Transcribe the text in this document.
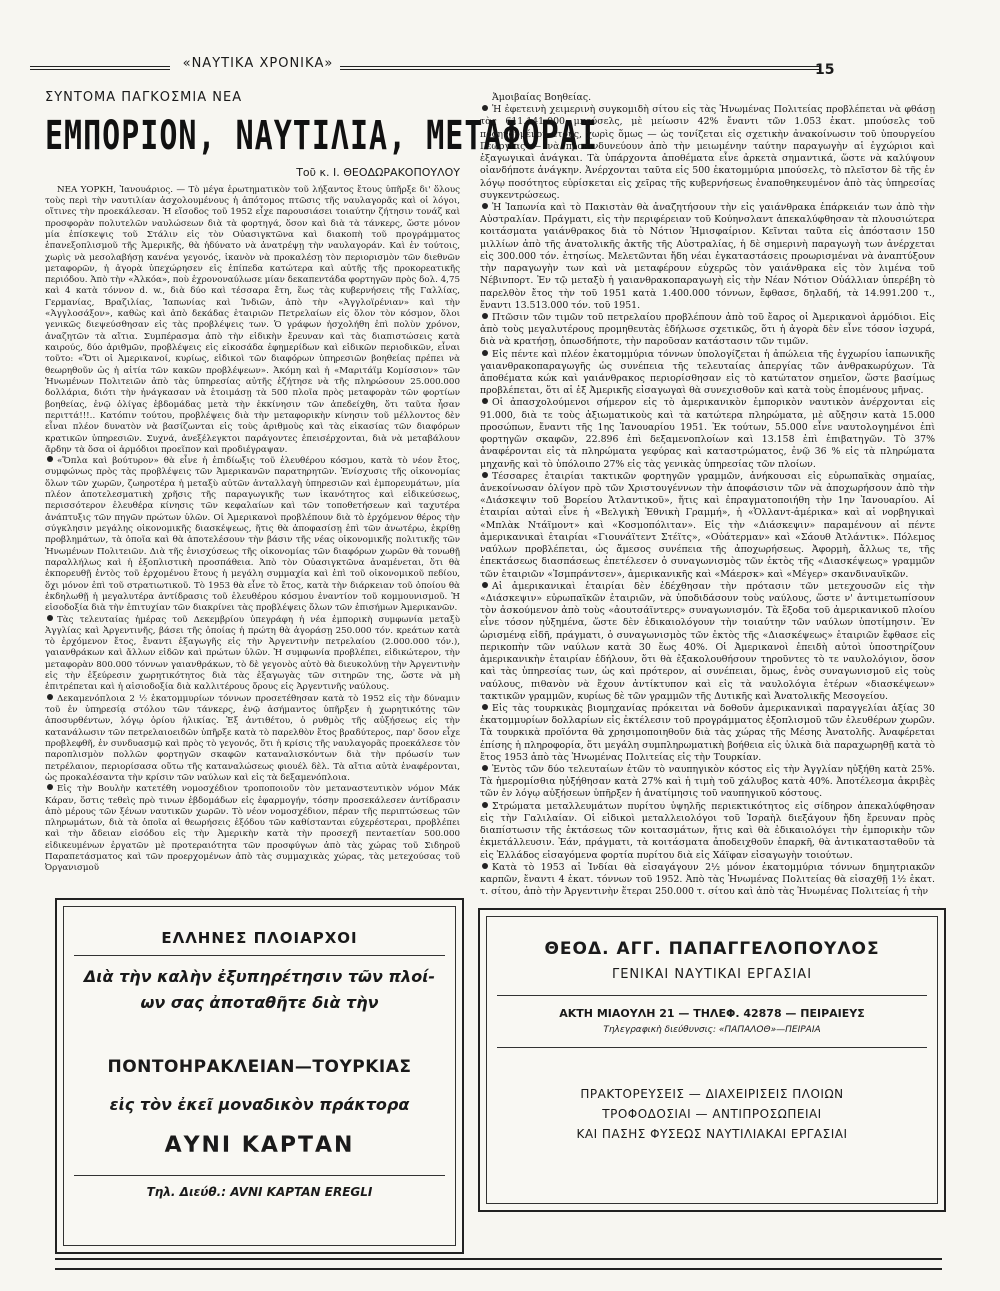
«ΝΑΥΤΙΚΑ ΧΡΟΝΙΚΑ»	15
ΣΥΝΤΟΜΑ ΠΑΓΚΟΣΜΙΑ ΝΕΑ
ΕΜΠΟΡΙΟΝ, ΝΑΥΤΙΛΙΑ, ΜΕΤΑΦΟΡΑΙ
Τοῦ κ. Ι. ΘΕΟΔΩΡΑΚΟΠΟΥΛΟΥ

ΝΕΑ ΥΟΡΚΗ, Ἰανουάριος. — Τὸ μέγα ἐρωτηματικὸν τοῦ λήξαντος ἔτους ὑπῆρξε δι' ὅλους τοὺς περὶ τὴν ναυτιλίαν ἀσχολουμένους ἡ ἀπότομος πτῶσις τῆς ναυλαγορᾶς καὶ οἱ λόγοι, οἵτινες τὴν προεκάλεσαν. Ἡ εἴσοδος τοῦ 1952 εἶχε παρουσιάσει τοιαύτην ζήτησιν τονάζ καὶ προσφορὰν πολυτελῶν ναυλώσεων διὰ τὰ φορτηγά, ὅσον καὶ διὰ τὰ τάνκερς, ὥστε μόνον μία ἐπίσκεψις τοῦ Στάλιν εἰς τὸν Οὐασιγκτῶνα καὶ διακοπὴ τοῦ προγράμματος ἐπανεξοπλισμοῦ τῆς Ἀμερικῆς, θὰ ἠδύνατο νὰ ἀνατρέψῃ τὴν ναυλαγοράν. Καὶ ἐν τούτοις, χωρὶς νὰ μεσολαβήσῃ κανένα γεγονός, ἱκανὸν νὰ προκαλέσῃ τὸν περιορισμὸν τῶν διεθνῶν μεταφορῶν, ἡ ἀγορὰ ὑπεχώρησεν εἰς ἐπίπεδα κατώτερα καὶ αὐτῆς τῆς προκορεατικῆς περιόδου. Ἀπὸ τὴν «Ἀλκόα», ποὺ ἐχρονοναύλωσε μίαν δεκαπεντάδα φορτηγῶν πρὸς δολ. 4,75 καὶ 4 κατὰ τόννον d. w., διὰ δύο καὶ τέσσαρα ἔτη, ἕως τὰς κυβερνήσεις τῆς Γαλλίας, Γερμανίας, Βραζιλίας, Ἰαπωνίας καὶ Ἰνδιῶν, ἀπὸ τὴν «Ἀγγλοϊρένιαν» καὶ τὴν «Ἀγγλοσάξον», καθὼς καὶ ἀπὸ δεκάδας ἑταιριῶν Πετρελαίων εἰς ὅλον τὸν κόσμον, ὅλοι γενικῶς διεψεύσθησαν εἰς τὰς προβλέψεις των. Ὁ γράφων ἠσχολήθη ἐπὶ πολὺν χρόνον, ἀναζητῶν τὰ αἴτια. Συμπέρασμα ἀπὸ τὴν εἰδικὴν ἔρευναν καὶ τὰς διαπιστώσεις κατὰ καιρούς, δύο ἀριθμῶν, προβλέψεις εἰς εἰκοσάδα ἐφημερίδων καὶ εἰδικῶν περιοδικῶν, εἶναι τοῦτο: «Ὅτι οἱ Ἀμερικανοί, κυρίως, εἰδικοὶ τῶν διαφόρων ὑπηρεσιῶν βοηθείας πρέπει νὰ θεωρηθοῦν ὡς ἡ αἰτία τῶν κακῶν προβλέψεων». Ἀκόμη καὶ ἡ «Μαριτάϊμ Κομίσσιον» τῶν Ἡνωμένων Πολιτειῶν ἀπὸ τὰς ὑπηρεσίας αὐτῆς ἐζήτησε νὰ τῆς πληρώσουν 25.000.000 δολλάρια, διότι τὴν ἠνάγκασαν νὰ ἑτοιμάσῃ τὰ 500 πλοῖα πρὸς μεταφορὰν τῶν φορτίων βοηθείας, ἐνῷ ὀλίγας ἑβδομάδας μετὰ τὴν ἐκκίνησιν τῶν ἀπεδείχθη, ὅτι ταῦτα ἦσαν περιττά!!!.. Κατόπιν τούτου, προβλέψεις διὰ τὴν μεταφορικὴν κίνησιν τοῦ μέλλοντος δὲν εἶναι πλέον δυνατὸν νὰ βασίζωνται εἰς τοὺς ἀριθμοὺς καὶ τὰς εἰκασίας τῶν διαφόρων κρατικῶν ὑπηρεσιῶν. Συχνά, ἀνεξέλεγκτοι παράγοντες ἐπεισέρχονται, διὰ νὰ μεταβάλουν ἄρδην τὰ ὅσα οἱ ἁρμόδιοι προεῖπον καὶ προδιέγραψαν.

«Ὅπλα καὶ βούτυρον» θὰ εἶνε ἡ ἐπιδίωξις τοῦ ἐλευθέρου κόσμου, κατὰ τὸ νέον ἔτος, συμφώνως πρὸς τὰς προβλέψεις τῶν Ἀμερικανῶν παρατηρητῶν. Ἐνίσχυσις τῆς οἰκονομίας ὅλων τῶν χωρῶν, ζωηροτέρα ἡ μεταξὺ αὐτῶν ἀνταλλαγὴ ὑπηρεσιῶν καὶ ἐμπορευμάτων, μία πλέον ἀποτελεσματικὴ χρῆσις τῆς παραγωγικῆς των ἱκανότητος καὶ εἰδικεύσεως, περισσότερον ἐλευθέρα κίνησις τῶν κεφαλαίων καὶ τῶν τοποθετήσεων καὶ ταχυτέρα ἀνάπτυξις τῶν πηγῶν πρώτων ὑλῶν. Οἱ Ἀμερικανοὶ προβλέπουν διὰ τὸ ἐρχόμενον θέρος τὴν σύγκλησιν μεγάλης οἰκονομικῆς διασκέψεως, ἥτις θὰ ἀποφασίσῃ ἐπὶ τῶν ἀνωτέρω, ἐκρίθῃ προβλημάτων, τὰ ὁποῖα καὶ θὰ ἀποτελέσουν τὴν βάσιν τῆς νέας οἰκονομικῆς πολιτικῆς τῶν Ἡνωμένων Πολιτειῶν. Διὰ τῆς ἐνισχύσεως τῆς οἰκονομίας τῶν διαφόρων χωρῶν θὰ τονωθῇ παραλλήλως καὶ ἡ ἐξοπλιστικὴ προσπάθεια. Ἀπὸ τὸν Οὐασιγκτῶνα ἀναμένεται, ὅτι θὰ ἐκπορευθῇ ἐντὸς τοῦ ἐρχομένου ἔτους ἡ μεγάλη συμμαχία καὶ ἐπὶ τοῦ οἰκονομικοῦ πεδίου, ὅχι μόνον ἐπὶ τοῦ στρατιωτικοῦ. Τὸ 1953 θὰ εἶνε τὸ ἔτος, κατὰ τὴν διάρκειαν τοῦ ὁποίου θὰ ἐκδηλωθῇ ἡ μεγαλυτέρα ἀντίδρασις τοῦ ἐλευθέρου κόσμου ἐναντίον τοῦ κομμουνισμοῦ. Ἡ εἰσοδοξία διὰ τὴν ἐπιτυχίαν τῶν διακρίνει τὰς προβλέψεις ὅλων τῶν ἐπισήμων Ἀμερικανῶν.

Τὰς τελευταίας ἡμέρας τοῦ Δεκεμβρίου ὑπεγράφη ἡ νέα ἐμπορικὴ συμφωνία μεταξὺ Ἀγγλίας καὶ Ἀργεντινῆς, βάσει τῆς ὁποίας ἡ πρώτη θὰ ἀγοράσῃ 250.000 τόν. κρεάτων κατὰ τὸ ἐρχόμενον ἔτος, ἔναντι ἐξαγωγῆς εἰς τὴν Ἀργεντινὴν πετρελαίου (2.000.000 τόν.), γαιανθράκων καὶ ἄλλων εἰδῶν καὶ πρώτων ὑλῶν. Ἡ συμφωνία προβλέπει, εἰδικώτερον, τὴν μεταφορὰν 800.000 τόννων γαιανθράκων, τὸ δὲ γεγονὸς αὐτὸ θὰ διευκολύνῃ τὴν Ἀργεντινὴν εἰς τὴν ἐξεύρεσιν χωρητικότητος διὰ τὰς ἐξαγωγὰς τῶν σιτηρῶν της, ὥστε νὰ μὴ ἐπιτρέπεται καὶ ἡ αἰσιοδοξία διὰ καλλιτέρους ὅρους εἰς Ἀργεντινῆς ναύλους.

Δεκαμενόπλοια 2 ½ ἑκατομμυρίων τόννων προσετέθησαν κατὰ τὸ 1952 εἰς τὴν δύναμιν τοῦ ἐν ὑπηρεσίᾳ στόλου τῶν τάνκερς, ἐνῷ ἀσήμαντος ὑπῆρξεν ἡ χωρητικότης τῶν ἀποσυρθέντων, λόγῳ ὁρίου ἡλικίας. Ἐξ ἀντιθέτου, ὁ ρυθμὸς τῆς αὐξήσεως εἰς τὴν κατανάλωσιν τῶν πετρελαιοειδῶν ὑπῆρξε κατὰ τὸ παρελθὸν ἔτος βραδύτερος, παρ' ὅσον εἶχε προβλεφθῆ, ἐν συνδυασμῷ καὶ πρὸς τὸ γεγονός, ὅτι ἡ κρίσις τῆς ναυλαγορᾶς προεκάλεσε τὸν παροπλισμὸν πολλῶν φορτηγῶν σκαφῶν καταναλισκόντων διὰ τὴν πρόωσίν των πετρέλαιον, περιορίσασα οὕτω τῆς καταναλώσεως φιουέλ δὲλ. Τὰ αἴτια αὐτὰ ἐναφέρονται, ὡς προκαλέσαντα τὴν κρίσιν τῶν ναύλων καὶ εἰς τὰ δεξαμενόπλοια.

Εἰς τὴν Βουλὴν κατετέθη νομοσχέδιον τροποποιοῦν τὸν μεταναστευτικὸν νόμον Μάκ Κάραν, ὅστις τεθεὶς πρὸ τινων ἑβδομάδων εἰς ἐφαρμογήν, τόσην προσεκάλεσεν ἀντίδρασιν ἀπὸ μέρους τῶν ξένων ναυτικῶν χωρῶν. Τὸ νέον νομοσχέδιον, πέραν τῆς περιπτώσεως τῶν πληρωμάτων, διὰ τὰ ὁποῖα αἱ θεωρήσεις ἐξόδου τῶν καθίστανται εὐχερέστεραι, προβλέπει καὶ τὴν ἄδειαν εἰσόδου εἰς τὴν Ἀμερικὴν κατὰ τὴν προσεχῆ πενταετίαν 500.000 εἰδικευμένων ἐργατῶν μὲ προτεραιότητα τῶν προσφύγων ἀπὸ τὰς χώρας τοῦ Σιδηροῦ Παραπετάσματος καὶ τῶν προερχομένων ἀπὸ τὰς συμμαχικὰς χώρας, τὰς μετεχούσας τοῦ Ὀργανισμοῦ

Ἀμοιβαίας Βοηθείας.

Ἡ ἐφετεινὴ χειμερινὴ συγκομιδὴ σίτου εἰς τὰς Ἡνωμένας Πολιτείας προβλέπεται νὰ φθάσῃ τὰς 611.141.000 μπούσελς, μὲ μείωσιν 42% ἔναντι τῶν 1.053 ἑκατ. μπούσελς τοῦ προηγουμένου ἔτους, χωρὶς ὅμως — ὡς τονίζεται εἰς σχετικὴν ἀνακοίνωσιν τοῦ ὑπουργείου Γεωργίας — νὰ προκινδυνεύουν ἀπὸ τὴν μειωμένην ταύτην παραγωγὴν αἱ ἐγχώριοι καὶ ἐξαγωγικαὶ ἀνάγκαι. Τὰ ὑπάρχοντα ἀποθέματα εἶνε ἀρκετὰ σημαντικά, ὥστε νὰ καλύψουν οἱανδήποτε ἀνάγκην. Ἀνέρχονται ταῦτα εἰς 500 ἑκατομμύρια μπούσελς, τὸ πλεῖστον δὲ τῆς ἐν λόγῳ ποσότητος εὑρίσκεται εἰς χεῖρας τῆς κυβερνήσεως ἐναποθηκευμένον ἀπὸ τὰς ὑπηρεσίας συγκεντρώσεως.

Ἡ Ἰαπωνία καὶ τὸ Πακιστὰν θὰ ἀναζητήσουν τὴν εἰς γαιάνθρακα ἐπάρκειάν των ἀπὸ τὴν Αὐστραλίαν. Πράγματι, εἰς τὴν περιφέρειαν τοῦ Κούηνσλαντ ἀπεκαλύφθησαν τὰ πλουσιώτερα κοιτάσματα γαιάνθρακος διὰ τὸ Νότιον Ἡμισφαίριον. Κεῖνται ταῦτα εἰς ἀπόστασιν 150 μιλλίων ἀπὸ τῆς ἀνατολικῆς ἀκτῆς τῆς Αὐστραλίας, ἡ δὲ σημερινὴ παραγωγὴ των ἀνέρχεται εἰς 300.000 τόν. ἐτησίως. Μελετῶνται ἤδη νέαι ἐγκαταστάσεις προωρισμέναι νὰ ἀναπτύξουν τὴν παραγωγὴν των καὶ νὰ μεταφέρουν εὐχερῶς τὸν γαιάνθρακα εἰς τὸν λιμένα τοῦ Νέβινπορτ. Ἐν τῷ μεταξὺ ἡ γαιανθρακοπαραγωγὴ εἰς τὴν Νέαν Νότιον Οὐάλλιαν ὑπερέβη τὸ παρελθὸν ἔτος τὴν τοῦ 1951 κατὰ 1.400.000 τόννων, ἔφθασε, δηλαδή, τὰ 14.991.200 τ., ἔναντι 13.513.000 τόν. τοῦ 1951.

Πτῶσιν τῶν τιμῶν τοῦ πετρελαίου προβλέπουν ἀπὸ τοῦ ἔαρος οἱ Ἀμερικανοὶ ἁρμόδιοι. Εἰς ἀπὸ τοὺς μεγαλυτέρους προμηθευτὰς ἐδήλωσε σχετικῶς, ὅτι ἡ ἀγορὰ δὲν εἶνε τόσον ἰσχυρά, διὰ νὰ κρατήσῃ, ὁπωσδήποτε, τὴν παροῦσαν κατάστασιν τῶν τιμῶν.

Εἰς πέντε καὶ πλέον ἑκατομμύρια τόννων ὑπολογίζεται ἡ ἀπώλεια τῆς ἐγχωρίου ἰαπωνικῆς γαιανθρακοπαραγωγῆς ὡς συνέπεια τῆς τελευταίας ἀπεργίας τῶν ἀνθρακωρύχων. Τὰ ἀποθέματα κώκ καὶ γαιάνθρακος περιορίσθησαν εἰς τὸ κατώτατον σημεῖον, ὥστε βασίμως προβλέπεται, ὅτι αἱ ἐξ Ἀμερικῆς εἰσαγωγαὶ θὰ συνεχισθοῦν καὶ κατὰ τοὺς ἑπομένους μῆνας.

Οἱ ἀπασχολούμενοι σήμερον εἰς τὸ ἀμερικανικὸν ἐμπορικὸν ναυτικὸν ἀνέρχονται εἰς 91.000, διὰ τε τοὺς ἀξιωματικοὺς καὶ τὰ κατώτερα πληρώματα, μὲ αὔξησιν κατὰ 15.000 προσώπων, ἔναντι τῆς 1ης Ἰανουαρίου 1951. Ἐκ τούτων, 55.000 εἶνε ναυτολογημένοι ἐπὶ φορτηγῶν σκαφῶν, 22.896 ἐπὶ δεξαμενοπλοίων καὶ 13.158 ἐπὶ ἐπιβατηγῶν. Τὸ 37% ἀναφέρονται εἰς τὰ πληρώματα γεφύρας καὶ καταστρώματος, ἐνῷ 36 % εἰς τὰ πληρώματα μηχανῆς καὶ τὸ ὑπόλοιπο 27% εἰς τὰς γενικὰς ὑπηρεσίας τῶν πλοίων.

Τέσσαρες ἑταιρίαι τακτικῶν φορτηγῶν γραμμῶν, ἀνήκουσαι εἰς εὐρωπαϊκὰς σημαίας, ἀνεκοίνωσαν ὀλίγον πρὸ τῶν Χριστουγέννων τὴν ἀποφάσισιν τῶν νὰ ἀποχωρήσουν ἀπὸ τὴν «Διάσκεψιν τοῦ Βορείου Ἀτλαντικοῦ», ἥτις καὶ ἐπραγματοποιήθη τὴν 1ην Ἰανουαρίου. Αἱ ἑταιρίαι αὐταὶ εἶνε ἡ «Βελγικὴ Ἐθνικὴ Γραμμή», ἡ «Ὁλλαντ-ἀμέρικα» καὶ αἱ νορβηγικαὶ «Μπλὰκ Ντάϊμοντ» καὶ «Κοσμοπόλιταν». Εἰς τὴν «Διάσκεψιν» παραμένουν αἱ πέντε ἀμερικανικαὶ ἑταιρίαι «Γιουνάϊτεντ Στέϊτς», «Οὐάτερμαν» καὶ «Σάουθ Ἀτλάντικ». Πόλεμος ναύλων προβλέπεται, ὡς ἄμεσος συνέπεια τῆς ἀποχωρήσεως. Ἀφορμὴ, ἄλλως τε, τῆς ἐπεκτάσεως διασπάσεως ἐπετέλεσεν ὁ συναγωνισμὸς τῶν ἐκτὸς τῆς «Διασκέψεως» γραμμῶν τῶν ἑταιριῶν «Ἰσμπράντσεν», ἀμερικανικῆς καὶ «Μάερσκ» καὶ «Μέγερ» σκανδιναυϊκῶν.

Αἱ ἀμερικανικαὶ ἑταιρίαι δὲν ἐδέχθησαν τὴν πρότασιν τῶν μετεχουσῶν εἰς τὴν «Διάσκεψιν» εὐρωπαϊκῶν ἑταιριῶν, νὰ ὑποδιδάσουν τοὺς ναύλους, ὥστε ν' ἀντιμετωπίσουν τὸν ἀσκούμενον ἀπὸ τοὺς «ἀουτσάϊντερς» συναγωνισμόν. Τὰ ἔξοδα τοῦ ἀμερικανικοῦ πλοίου εἶνε τόσον ηὐξημένα, ὥστε δὲν ἐδικαιολόγουν τὴν τοιαύτην τῶν ναύλων ὑποτίμησιν. Ἐν ὡρισμένᾳ εἰδῆ, πράγματι, ὁ συναγωνισμὸς τῶν ἐκτὸς τῆς «Διασκέψεως» ἑταιριῶν ἔφθασε εἰς περικοπὴν τῶν ναύλων κατὰ 30 ἕως 40%. Οἱ Ἀμερικανοὶ ἐπειδὴ αὐτοὶ ὑποστηρίζουν ἀμερικανικὴν ἑταιρίαν ἐδήλουν, ὅτι θὰ ἐξακολουθήσουν τηροῦντες τὸ τε ναυλολόγιον, ὅσον καὶ τὰς ὑπηρεσίας των, ὡς καὶ πρότερον, αἱ συνέπειαι, ὅμως, ἑνὸς συναγωνισμοῦ εἰς τοὺς ναύλους, πιθανὸν νὰ ἔχουν ἀντίκτυπον καὶ εἰς τὰ ναυλολόγια ἑτέρων «διασκέψεων» τακτικῶν γραμμῶν, κυρίως δὲ τῶν γραμμῶν τῆς Δυτικῆς καὶ Ἀνατολικῆς Μεσογείου.

Εἰς τὰς τουρκικὰς βιομηχανίας πρόκειται νὰ δοθοῦν ἀμερικανικαὶ παραγγελίαι ἀξίας 30 ἑκατομμυρίων δολλαρίων εἰς ἐκτέλεσιν τοῦ προγράμματος ἐξοπλισμοῦ τῶν ἐλευθέρων χωρῶν. Τὰ τουρκικὰ προϊόντα θὰ χρησιμοποιηθοῦν διὰ τὰς χώρας τῆς Μέσης Ἀνατολῆς. Ἀναφέρεται ἐπίσης ἡ πληροφορία, ὅτι μεγάλη συμπληρωματικὴ βοήθεια εἰς ὑλικὰ διὰ παραχωρηθῇ κατὰ τὸ ἔτος 1953 ἀπὸ τὰς Ἡνωμένας Πολιτείας εἰς τὴν Τουρκίαν.

Ἐντὸς τῶν δύο τελευταίων ἐτῶν τὸ ναυπηγικὸν κόστος εἰς τὴν Ἀγγλίαν ηὐξήθη κατὰ 25%. Τὰ ἡμερομίσθια ηὐξήθησαν κατὰ 27% καὶ ἡ τιμὴ τοῦ χάλυβος κατὰ 40%. Ἀποτέλεσμα ἀκριβὲς τῶν ἐν λόγῳ αὐξήσεων ὑπῆρξεν ἡ ἀνατίμησις τοῦ ναυπηγικοῦ κόστους.

Στρώματα μεταλλευμάτων πυρίτου ὑψηλῆς περιεκτικότητος εἰς σίδηρον ἀπεκαλύφθησαν εἰς τὴν Γαλιλαίαν. Οἱ εἰδικοὶ μεταλλειολόγοι τοῦ Ἰσραὴλ διεξάγουν ἤδη ἔρευναν πρὸς διαπίστωσιν τῆς ἐκτάσεως τῶν κοιτασμάτων, ἥτις καὶ θὰ ἐδικαιολόγει τὴν ἐμπορικὴν τῶν ἐκμετάλλευσιν. Ἐάν, πράγματι, τὰ κοιτάσματα ἀποδειχθοῦν ἐπαρκῆ, θὰ ἀντικατασταθοῦν τὰ εἰς Ἑλλάδος εἰσαγόμενα φορτία πυρίτου διὰ εἰς Χάϊφαν εἰσαγωγὴν τοιούτων.

Κατὰ τὸ 1953 αἱ Ἰνδίαι θὰ εἰσαγάγουν 2½ μόνον ἑκατομμύρια τόννων δημητριακῶν καρπῶν, ἔναντι 4 ἑκατ. τόννων τοῦ 1952. Ἀπὸ τὰς Ἡνωμένας Πολιτείας θὰ εἰσαχθῇ 1½ ἑκατ. τ. σίτου, ἀπὸ τὴν Ἀργεντινὴν ἕτεραι 250.000 τ. σίτου καὶ ἀπὸ τὰς Ἡνωμένας Πολιτείας ἡ τὴν

ΕΛΛΗΝΕΣ ΠΛΟΙΑΡΧΟΙ
Διὰ τὴν καλὴν ἐξυπηρέτησιν τῶν πλοί-
ων σας ἀποταθῆτε διὰ τὴν
ΠΟΝΤΟΗΡΑΚΛΕΙΑΝ—ΤΟΥΡΚΙΑΣ
εἰς τὸν ἐκεῖ μοναδικὸν πράκτορα
ΑΥΝΙ ΚΑΡΤΑΝ
Τηλ. Διεύθ.: AVNI KAPTAN EREGLI
ΘΕΟΔ. ΑΓΓ. ΠΑΠΑΓΓΕΛΟΠΟΥΛΟΣ
ΓΕΝΙΚΑΙ ΝΑΥΤΙΚΑΙ ΕΡΓΑΣΙΑΙ
ΑΚΤΗ ΜΙΑΟΥΛΗ 21 — ΤΗΛΕΦ. 42878 — ΠΕΙΡΑΙΕΥΣ
Τηλεγραφικὴ διεύθυνσις: «ΠΑΠΑΛΟΘ»—ΠΕΙΡΑΙΑ
ΠΡΑΚΤΟΡΕΥΣΕΙΣ — ΔΙΑΧΕΙΡΙΣΕΙΣ ΠΛΟΙΩΝ
ΤΡΟΦΟΔΟΣΙΑΙ — ΑΝΤΙΠΡΟΣΩΠΕΙΑΙ
ΚΑΙ ΠΑΣΗΣ ΦΥΣΕΩΣ ΝΑΥΤΙΛΙΑΚΑΙ ΕΡΓΑΣΙΑΙ
